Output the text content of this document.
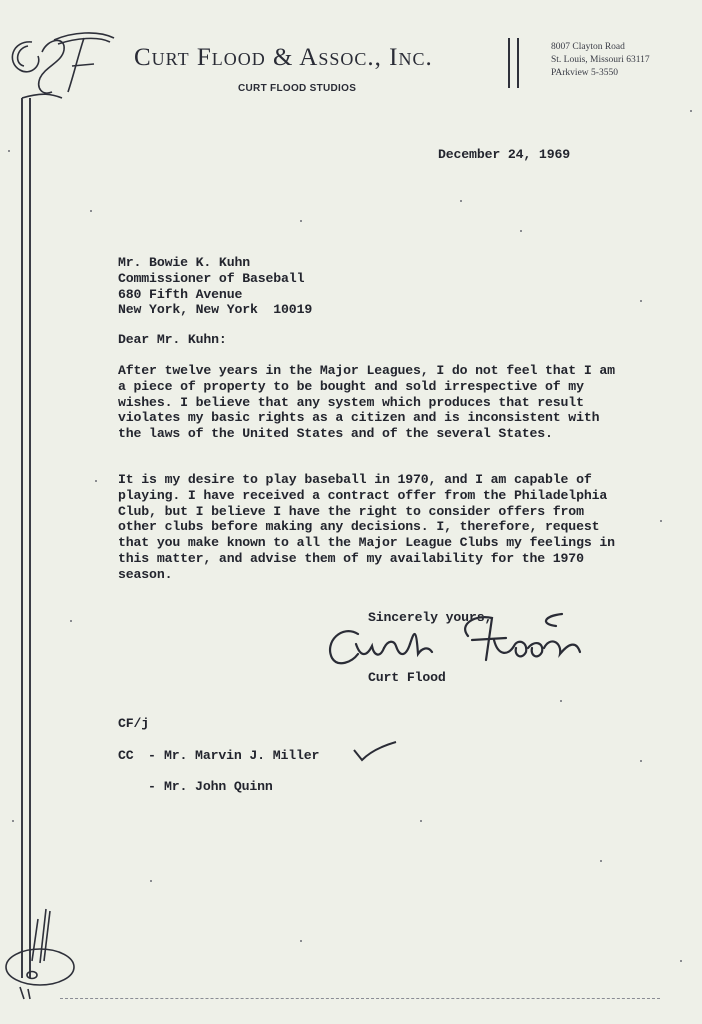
Curt Flood & Assoc., Inc.
CURT FLOOD STUDIOS
8007 Clayton Road
St. Louis, Missouri 63117
PArkview 5-3550
December 24, 1969
Mr. Bowie K. Kuhn
Commissioner of Baseball
680 Fifth Avenue
New York, New York  10019
Dear Mr. Kuhn:
After twelve years in the Major Leagues, I do not feel that I am a piece of property to be bought and sold irrespective of my wishes. I believe that any system which produces that result violates my basic rights as a citizen and is inconsistent with the laws of the United States and of the several States.
It is my desire to play baseball in 1970, and I am capable of playing. I have received a contract offer from the Philadelphia Club, but I believe I have the right to consider offers from other clubs before making any decisions. I, therefore, request that you make known to all the Major League Clubs my feelings in this matter, and advise them of my availability for the 1970 season.
Sincerely yours,
Curt Flood
CF/j
CC - Mr. Marvin J. Miller
- Mr. John Quinn
